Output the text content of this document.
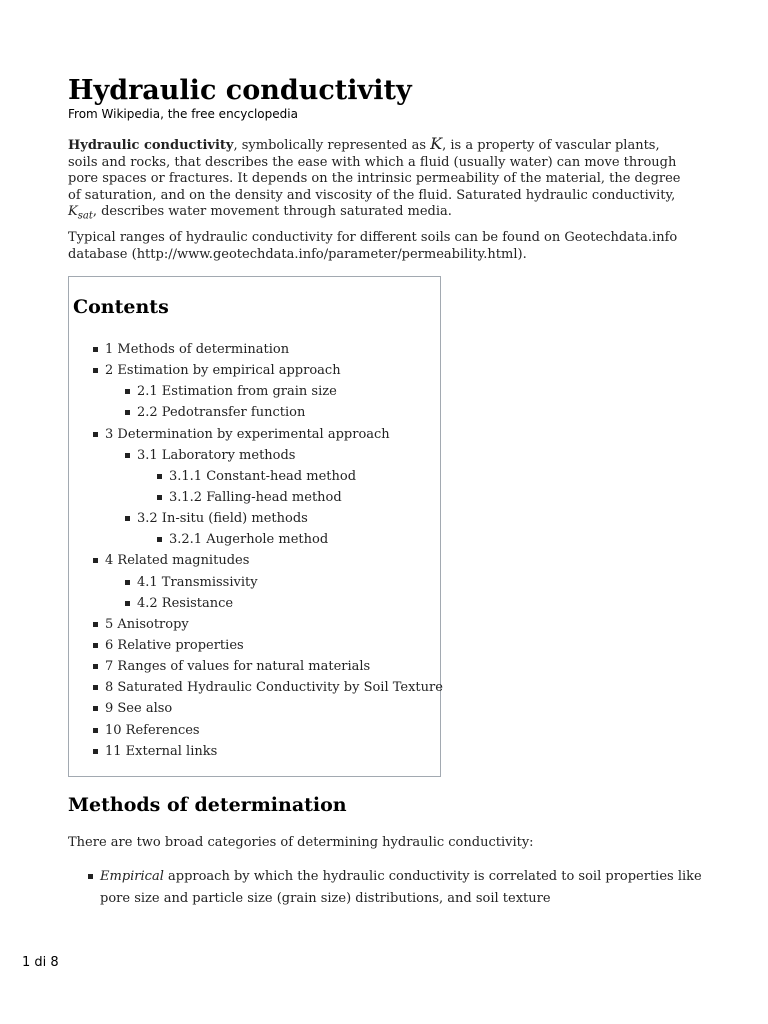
Hydraulic conductivity
From Wikipedia, the free encyclopedia

Hydraulic conductivity, symbolically represented as K, is a property of vascular plants, soils and rocks, that describes the ease with which a fluid (usually water) can move through pore spaces or fractures. It depends on the intrinsic permeability of the material, the degree of saturation, and on the density and viscosity of the fluid. Saturated hydraulic conductivity, $K_{sat}$, describes water movement through saturated media.

Typical ranges of hydraulic conductivity for different soils can be found on Geotechdata.info database (http://www.geotechdata.info/parameter/permeability.html).

Contents
1 Methods of determination
2 Estimation by empirical approach
2.1 Estimation from grain size
2.2 Pedotransfer function
3 Determination by experimental approach
3.1 Laboratory methods
3.1.1 Constant-head method
3.1.2 Falling-head method
3.2 In-situ (field) methods
3.2.1 Augerhole method
4 Related magnitudes
4.1 Transmissivity
4.2 Resistance
5 Anisotropy
6 Relative properties
7 Ranges of values for natural materials
8 Saturated Hydraulic Conductivity by Soil Texture
9 See also
10 References
11 External links
Methods of determination

There are two broad categories of determining hydraulic conductivity:

Empirical approach by which the hydraulic conductivity is correlated to soil properties like pore size and particle size (grain size) distributions, and soil texture
1 di 8
